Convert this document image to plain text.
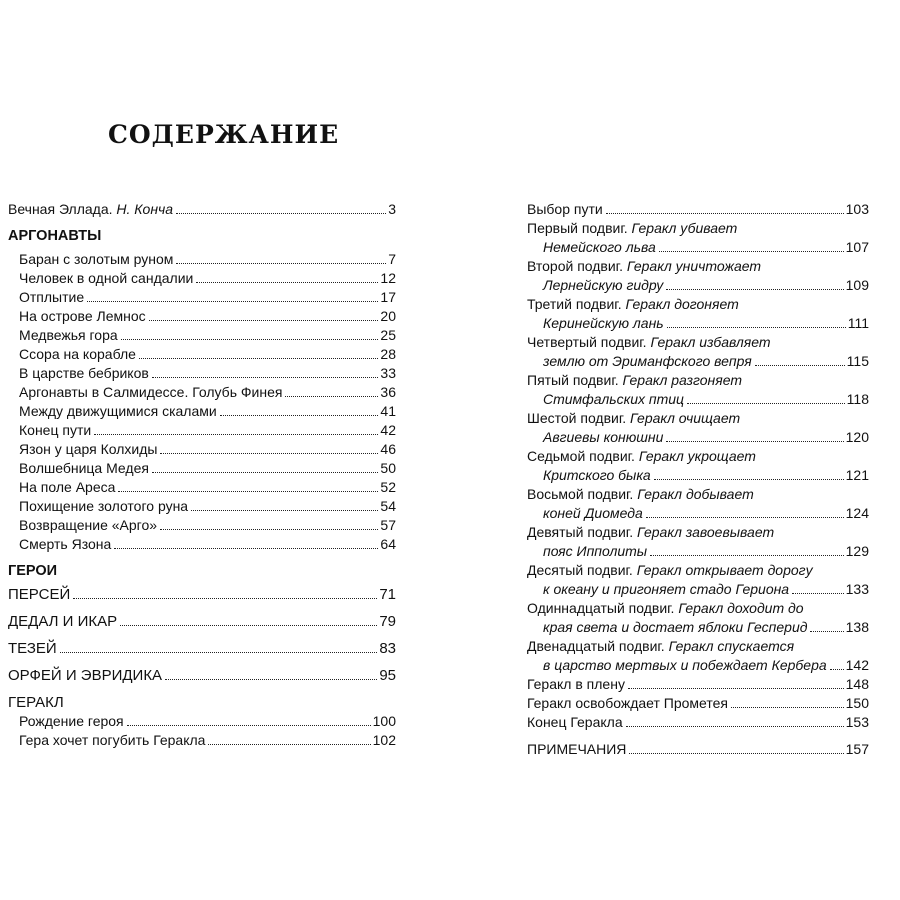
СОДЕРЖАНИЕ
Вечная Эллада. Н. Конча	3
АРГОНАВТЫ
Баран с золотым руном	7
Человек в одной сандалии	12
Отплытие	17
На острове Лемнос	20
Медвежья гора	25
Ссора на корабле	28
В царстве бебриков	33
Аргонавты в Салмидессе. Голубь Финея	36
Между движущимися скалами	41
Конец пути	42
Язон у царя Колхиды	46
Волшебница Медея	50
На поле Ареса	52
Похищение золотого руна	54
Возвращение «Арго»	57
Смерть Язона	64
ГЕРОИ
ПЕРСЕЙ	71
ДЕДАЛ И ИКАР	79
ТЕЗЕЙ	83
ОРФЕЙ И ЭВРИДИКА	95
ГЕРАКЛ
Рождение героя	100
Гера хочет погубить Геракла	102
Выбор пути	103
Первый подвиг. Геракл убивает
Немейского льва	107
Второй подвиг. Геракл уничтожает
Лернейскую гидру	109
Третий подвиг. Геракл догоняет
Керинейскую лань	111
Четвертый подвиг. Геракл избавляет
землю от Эриманфского вепря	115
Пятый подвиг. Геракл разгоняет
Стимфальских птиц	118
Шестой подвиг. Геракл очищает
Авгиевы конюшни	120
Седьмой подвиг. Геракл укрощает
Критского быка	121
Восьмой подвиг. Геракл добывает
коней Диомеда	124
Девятый подвиг. Геракл завоевывает
пояс Ипполиты	129
Десятый подвиг. Геракл открывает дорогу
к океану и пригоняет стадо Гериона	133
Одиннадцатый подвиг. Геракл доходит до
края света и достает яблоки Гесперид	138
Двенадцатый подвиг. Геракл спускается
в царство мертвых и побеждает Кербера 142
Геракл в плену	148
Геракл освобождает Прометея	150
Конец Геракла	153
ПРИМЕЧАНИЯ	157
